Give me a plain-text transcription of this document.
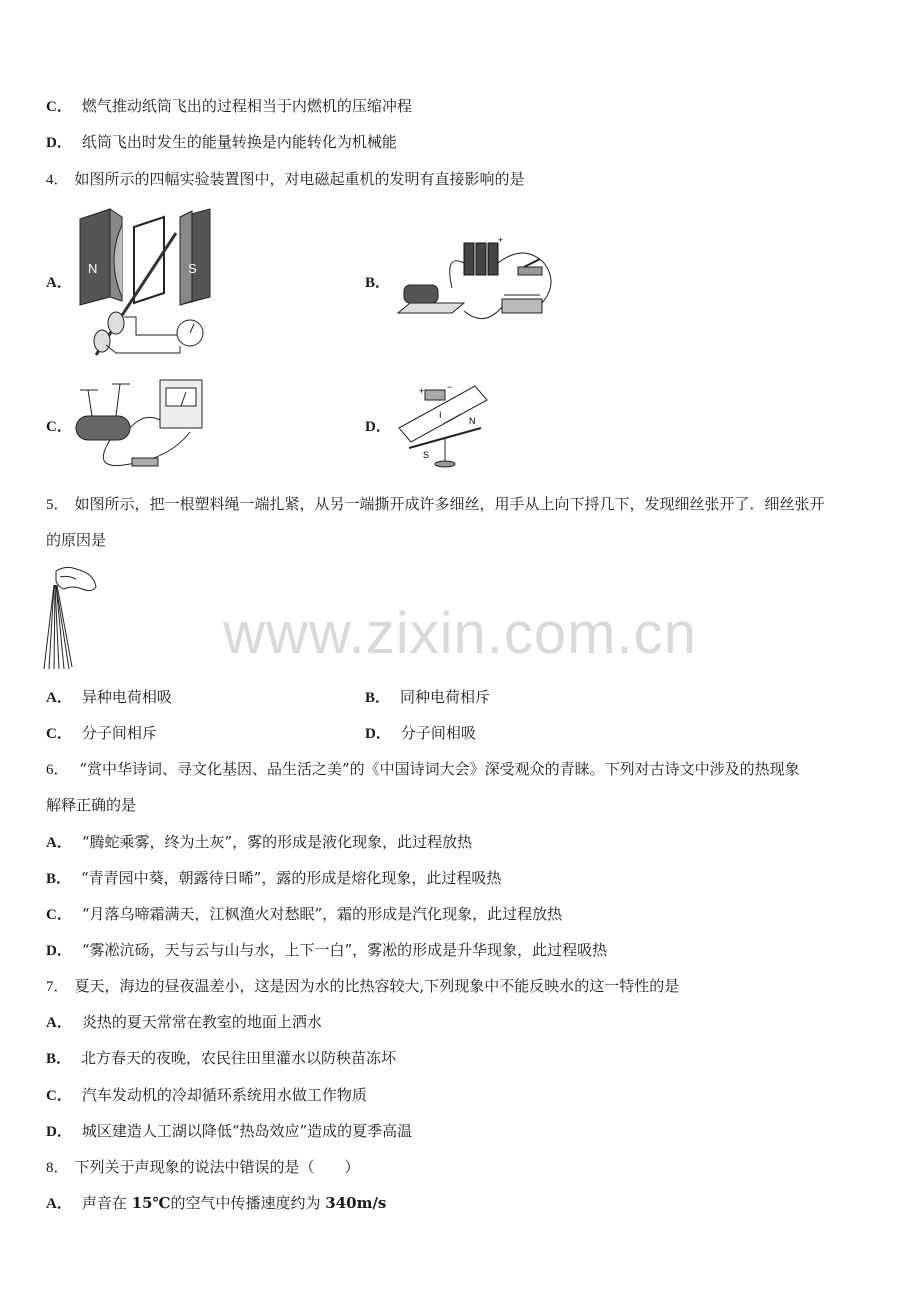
www.zixin.com.cn
C． 燃气推动纸筒飞出的过程相当于内燃机的压缩冲程
D． 纸筒飞出时发生的能量转换是内能转化为机械能
4． 如图所示的四幅实验装置图中，对电磁起重机的发明有直接影响的是
A．	B．
C．	D．
N	S
+
+	−
I
N
S
5． 如图所示，把一根塑料绳一端扎紧，从另一端撕开成许多细丝，用手从上向下捋几下，发现细丝张开了．细丝张开
的原因是
A． 异种电荷相吸	B． 同种电荷相斥
C． 分子间相斥	D． 分子间相吸
6． “赏中华诗词、寻文化基因、品生活之美”的《中国诗词大会》深受观众的青睐。下列对古诗文中涉及的热现象
解释正确的是
A． “腾蛇乘雾，终为土灰”，雾的形成是液化现象，此过程放热
B． “青青园中葵，朝露待日晞”，露的形成是熔化现象，此过程吸热
C． “月落乌啼霜满天，江枫渔火对愁眠”，霜的形成是汽化现象，此过程放热
D． “雾凇沆砀，天与云与山与水，上下一白”，雾凇的形成是升华现象，此过程吸热
7． 夏天，海边的昼夜温差小，这是因为水的比热容较大,下列现象中不能反映水的这一特性的是
A． 炎热的夏天常常在教室的地面上洒水
B． 北方春天的夜晚，农民往田里灌水以防秧苗冻坏
C． 汽车发动机的冷却循环系统用水做工作物质
D． 城区建造人工湖以降低“热岛效应”造成的夏季高温
8． 下列关于声现象的说法中错误的是（　　）
A． 声音在 15℃的空气中传播速度约为 340m/s
